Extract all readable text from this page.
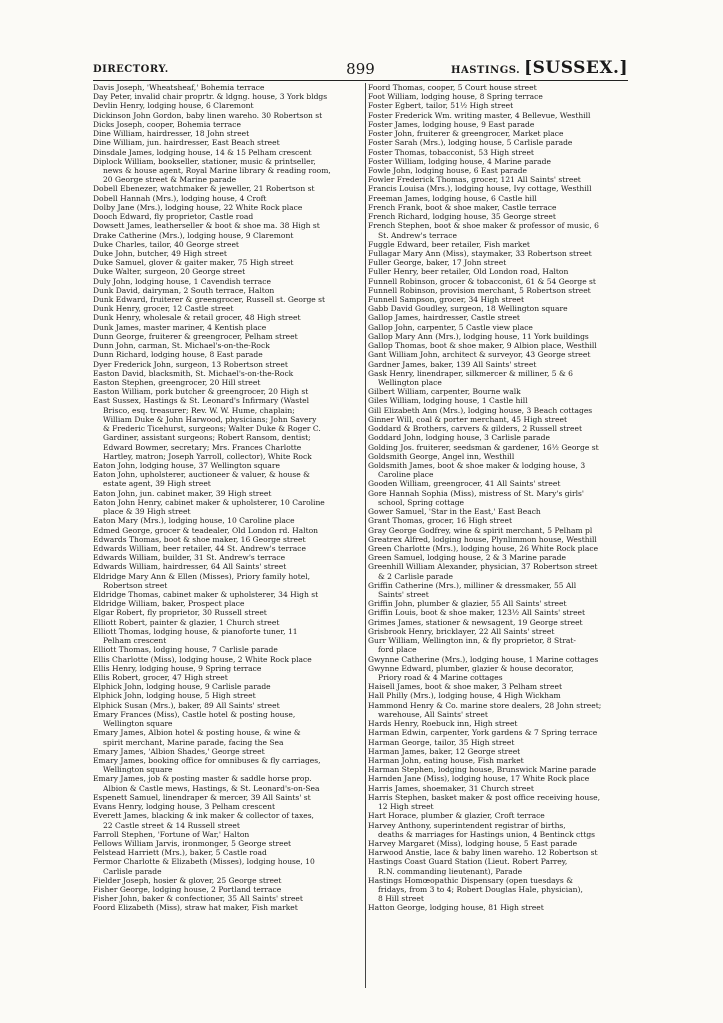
DIRECTORY.	899	HASTINGS. [SUSSEX.]
Davis Joseph, 'Wheatsheaf,' Bohemia terrace
Day Peter, invalid chair proprtr. & ldgng. house, 3 York bldgs
Devlin Henry, lodging house, 6 Claremont
Dickinson John Gordon, baby linen wareho. 30 Robertson st
Dicks Joseph, cooper, Bohemia terrace
Dine William, hairdresser, 18 John street
Dine William, jun. hairdresser, East Beach street
Dinsdale James, lodging house, 14 & 15 Pelham crescent
Diplock William, bookseller, stationer, music & printseller,
news & house agent, Royal Marine library & reading room,
20 George street & Marine parade
Dobell Ebenezer, watchmaker & jeweller, 21 Robertson st
Dobell Hannah (Mrs.), lodging house, 4 Croft
Dolby Jane (Mrs.), lodging house, 22 White Rock place
Dooch Edward, fly proprietor, Castle road
Dowsett James, leatherseller & boot & shoe ma. 38 High st
Drake Catherine (Mrs.), lodging house, 9 Claremont
Duke Charles, tailor, 40 George street
Duke John, butcher, 49 High street
Duke Samuel, glover & gaiter maker, 75 High street
Duke Walter, surgeon, 20 George street
Duly John, lodging house, 1 Cavendish terrace
Dunk David, dairyman, 2 South terrace, Halton
Dunk Edward, fruiterer & greengrocer, Russell st. George st
Dunk Henry, grocer, 12 Castle street
Dunk Henry, wholesale & retail grocer, 48 High street
Dunk James, master mariner, 4 Kentish place
Dunn George, fruiterer & greengrocer, Pelham street
Dunn John, carman, St. Michael's-on-the-Rock
Dunn Richard, lodging house, 8 East parade
Dyer Frederick John, surgeon, 13 Robertson street
Easton David, blacksmith, St. Michael's-on-the-Rock
Easton Stephen, greengrocer, 20 Hill street
Easton William, pork butcher & greengrocer, 20 High st
East Sussex, Hastings & St. Leonard's Infirmary (Wastel
Brisco, esq. treasurer; Rev. W. W. Hume, chaplain;
William Duke & John Harwood, physicians; John Savery
& Frederic Ticehurst, surgeons; Walter Duke & Roger C.
Gardiner, assistant surgeons; Robert Ransom, dentist;
Edward Bowmer, secretary; Mrs. Frances Charlotte
Hartley, matron; Joseph Yarroll, collector), White Rock
Eaton John, lodging house, 37 Wellington square
Eaton John, upholsterer, auctioneer & valuer, & house &
estate agent, 39 High street
Eaton John, jun. cabinet maker, 39 High street
Eaton John Henry, cabinet maker & upholsterer, 10 Caroline
place & 39 High street
Eaton Mary (Mrs.), lodging house, 10 Caroline place
Edmed George, grocer & teadealer, Old London rd. Halton
Edwards Thomas, boot & shoe maker, 16 George street
Edwards William, beer retailer, 44 St. Andrew's terrace
Edwards William, builder, 31 St. Andrew's terrace
Edwards William, hairdresser, 64 All Saints' street
Eldridge Mary Ann & Ellen (Misses), Priory family hotel,
Robertson street
Eldridge Thomas, cabinet maker & upholsterer, 34 High st
Eldridge William, baker, Prospect place
Elgar Robert, fly proprietor, 30 Russell street
Elliott Robert, painter & glazier, 1 Church street
Elliott Thomas, lodging house, & pianoforte tuner, 11
Pelham crescent
Elliott Thomas, lodging house, 7 Carlisle parade
Ellis Charlotte (Miss), lodging house, 2 White Rock place
Ellis Henry, lodging house, 9 Spring terrace
Ellis Robert, grocer, 47 High street
Elphick John, lodging house, 9 Carlisle parade
Elphick John, lodging house, 5 High street
Elphick Susan (Mrs.), baker, 89 All Saints' street
Emary Frances (Miss), Castle hotel & posting house,
Wellington square
Emary James, Albion hotel & posting house, & wine &
spirit merchant, Marine parade, facing the Sea
Emary James, 'Albion Shades,' George street
Emary James, booking office for omnibuses & fly carriages,
Wellington square
Emary James, job & posting master & saddle horse prop.
Albion & Castle mews, Hastings, & St. Leonard's-on-Sea
Espenett Samuel, linendraper & mercer, 39 All Saints' st
Evans Henry, lodging house, 3 Pelham crescent
Everett James, blacking & ink maker & collector of taxes,
22 Castle street & 14 Russell street
Farroll Stephen, 'Fortune of War,' Halton
Fellows William Jarvis, ironmonger, 5 George street
Felstead Harriett (Mrs.), baker, 5 Castle road
Fermor Charlotte & Elizabeth (Misses), lodging house, 10
Carlisle parade
Fielder Joseph, hosier & glover, 25 George street
Fisher George, lodging house, 2 Portland terrace
Fisher John, baker & confectioner, 35 All Saints' street
Foord Elizabeth (Miss), straw hat maker, Fish market
Foord Thomas, cooper, 5 Court house street
Foot William, lodging house, 8 Spring terrace
Foster Egbert, tailor, 51½ High street
Foster Frederick Wm. writing master, 4 Bellevue, Westhill
Foster James, lodging house, 9 East parade
Foster John, fruiterer & greengrocer, Market place
Foster Sarah (Mrs.), lodging house, 5 Carlisle parade
Foster Thomas, tobacconist, 53 High street
Foster William, lodging house, 4 Marine parade
Fowle John, lodging house, 6 East parade
Fowler Frederick Thomas, grocer, 121 All Saints' street
Francis Louisa (Mrs.), lodging house, Ivy cottage, Westhill
Freeman James, lodging house, 6 Castle hill
French Frank, boot & shoe maker, Castle terrace
French Richard, lodging house, 35 George street
French Stephen, boot & shoe maker & professor of music, 6
St. Andrew's terrace
Fuggle Edward, beer retailer, Fish market
Fullagar Mary Ann (Miss), staymaker, 33 Robertson street
Fuller George, baker, 17 John street
Fuller Henry, beer retailer, Old London road, Halton
Funnell Robinson, grocer & tobacconist, 61 & 54 George st
Funnell Robinson, provision merchant, 5 Robertson street
Funnell Sampson, grocer, 34 High street
Gabb David Goudley, surgeon, 18 Wellington square
Gallop James, hairdresser, Castle street
Gallop John, carpenter, 5 Castle view place
Gallop Mary Ann (Mrs.), lodging house, 11 York buildings
Gallop Thomas, boot & shoe maker, 9 Albion place, Westhill
Gant William John, architect & surveyor, 43 George street
Gardner James, baker, 139 All Saints' street
Gask Henry, linendraper, silkmercer & milliner, 5 & 6
Wellington place
Gilbert William, carpenter, Bourne walk
Giles William, lodging house, 1 Castle hill
Gill Elizabeth Ann (Mrs.), lodging house, 3 Beach cottages
Ginner Will, coal & porter merchant, 45 High street
Goddard & Brothers, carvers & gilders, 2 Russell street
Goddard John, lodging house, 3 Carlisle parade
Golding Jos. fruiterer, seedsman & gardener, 16½ George st
Goldsmith George, Angel inn, Westhill
Goldsmith James, boot & shoe maker & lodging house, 3
Caroline place
Gooden William, greengrocer, 41 All Saints' street
Gore Hannah Sophia (Miss), mistress of St. Mary's girls'
school, Spring cottage
Gower Samuel, 'Star in the East,' East Beach
Grant Thomas, grocer, 16 High street
Gray George Godfrey, wine & spirit merchant, 5 Pelham pl
Greatrex Alfred, lodging house, Plynlimmon house, Westhill
Green Charlotte (Mrs.), lodging house, 26 White Rock place
Green Samuel, lodging house, 2 & 3 Marine parade
Greenhill William Alexander, physician, 37 Robertson street
& 2 Carlisle parade
Griffin Catherine (Mrs.), milliner & dressmaker, 55 All
Saints' street
Griffin John, plumber & glazier, 55 All Saints' street
Griffin Louis, boot & shoe maker, 123½ All Saints' street
Grimes James, stationer & newsagent, 19 George street
Grisbrook Henry, bricklayer, 22 All Saints' street
Gurr William, Wellington inn, & fly proprietor, 8 Strat-
ford place
Gwynne Catherine (Mrs.), lodging house, 1 Marine cottages
Gwynne Edward, plumber, glazier & house decorator,
Priory road & 4 Marine cottages
Haisell James, boot & shoe maker, 3 Pelham street
Hall Philly (Mrs.), lodging house, 4 High Wickham
Hammond Henry & Co. marine store dealers, 28 John street;
warehouse, All Saints' street
Hards Henry, Roebuck inn, High street
Harman Edwin, carpenter, York gardens & 7 Spring terrace
Harman George, tailor, 35 High street
Harman James, baker, 12 George street
Harman John, eating house, Fish market
Harman Stephen, lodging house, Brunswick Marine parade
Harnden Jane (Miss), lodging house, 17 White Rock place
Harris James, shoemaker, 31 Church street
Harris Stephen, basket maker & post office receiving house,
12 High street
Hart Horace, plumber & glazier, Croft terrace
Harvey Anthony, superintendent registrar of births,
deaths & marriages for Hastings union, 4 Bentinck cttgs
Harvey Margaret (Miss), lodging house, 5 East parade
Harwood Anstie, lace & baby linen wareho. 12 Robertson st
Hastings Coast Guard Station (Lieut. Robert Parrey,
R.N. commanding lieutenant), Parade
Hastings Homœopathic Dispensary (open tuesdays &
fridays, from 3 to 4; Robert Douglas Hale, physician),
8 Hill street
Hatton George, lodging house, 81 High street
